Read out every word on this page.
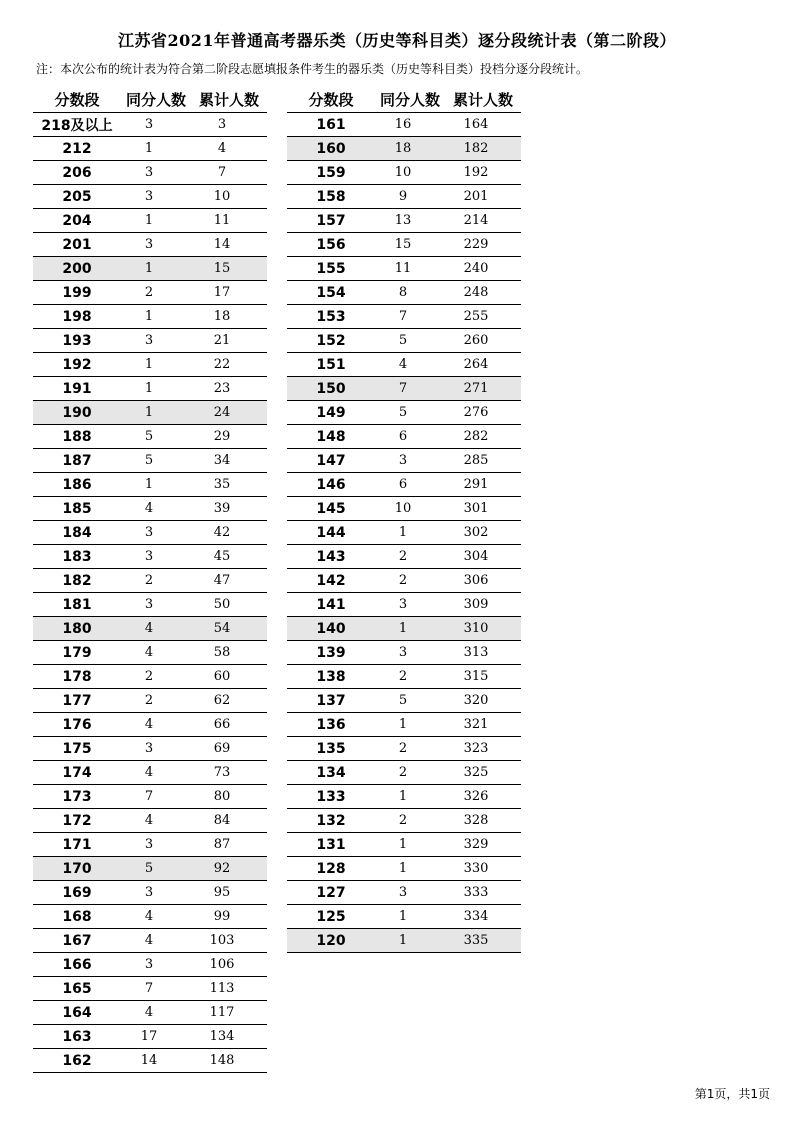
江苏省2021年普通高考器乐类（历史等科目类）逐分段统计表（第二阶段）
注：本次公布的统计表为符合第二阶段志愿填报条件考生的器乐类（历史等科目类）投档分逐分段统计。
分数段	同分人数 累计人数
218及以上	3	3
212	1	4
206	3	7
205	3	10
204	1	11
201	3	14
200	1	15
199	2	17
198	1	18
193	3	21
192	1	22
191	1	23
190	1	24
188	5	29
187	5	34
186	1	35
185	4	39
184	3	42
183	3	45
182	2	47
181	3	50
180	4	54
179	4	58
178	2	60
177	2	62
176	4	66
175	3	69
174	4	73
173	7	80
172	4	84
171	3	87
170	5	92
169	3	95
168	4	99
167	4	103
166	3	106
165	7	113
164	4	117
163	17	134
162	14	148
分数段	同分人数 累计人数
161	16	164
160	18	182
159	10	192
158	9	201
157	13	214
156	15	229
155	11	240
154	8	248
153	7	255
152	5	260
151	4	264
150	7	271
149	5	276
148	6	282
147	3	285
146	6	291
145	10	301
144	1	302
143	2	304
142	2	306
141	3	309
140	1	310
139	3	313
138	2	315
137	5	320
136	1	321
135	2	323
134	2	325
133	1	326
132	2	328
131	1	329
128	1	330
127	3	333
125	1	334
120	1	335
第1页，共1页
